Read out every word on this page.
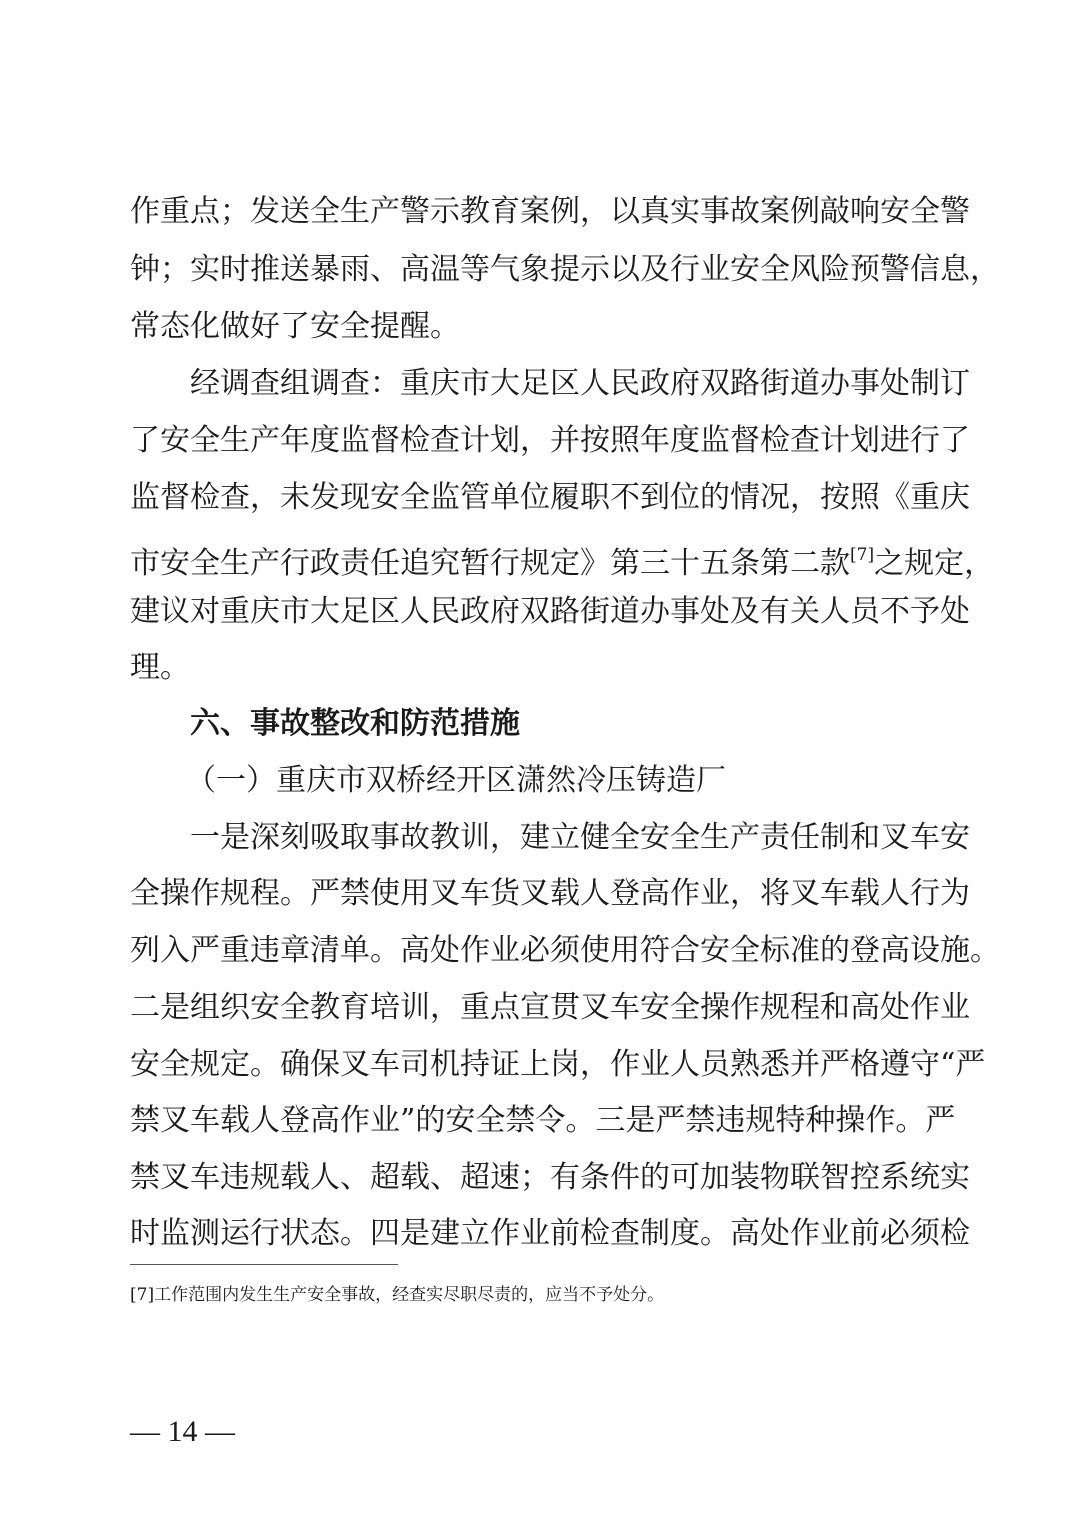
作重点；发送全生产警示教育案例，以真实事故案例敲响安全警
钟；实时推送暴雨、高温等气象提示以及行业安全风险预警信息，
常态化做好了安全提醒。
经调查组调查：重庆市大足区人民政府双路街道办事处制订
了安全生产年度监督检查计划，并按照年度监督检查计划进行了
监督检查，未发现安全监管单位履职不到位的情况，按照《重庆
市安全生产行政责任追究暂行规定》第三十五条第二款[7]之规定，
建议对重庆市大足区人民政府双路街道办事处及有关人员不予处
理。
六、事故整改和防范措施
（一）重庆市双桥经开区潇然冷压铸造厂
一是深刻吸取事故教训，建立健全安全生产责任制和叉车安
全操作规程。严禁使用叉车货叉载人登高作业，将叉车载人行为
列入严重违章清单。高处作业必须使用符合安全标准的登高设施。
二是组织安全教育培训，重点宣贯叉车安全操作规程和高处作业
安全规定。确保叉车司机持证上岗，作业人员熟悉并严格遵守“严
禁叉车载人登高作业”的安全禁令。三是严禁违规特种操作。严
禁叉车违规载人、超载、超速；有条件的可加装物联智控系统实
时监测运行状态。四是建立作业前检查制度。高处作业前必须检
[7]工作范围内发生生产安全事故，经查实尽职尽责的，应当不予处分。
— 14 —
